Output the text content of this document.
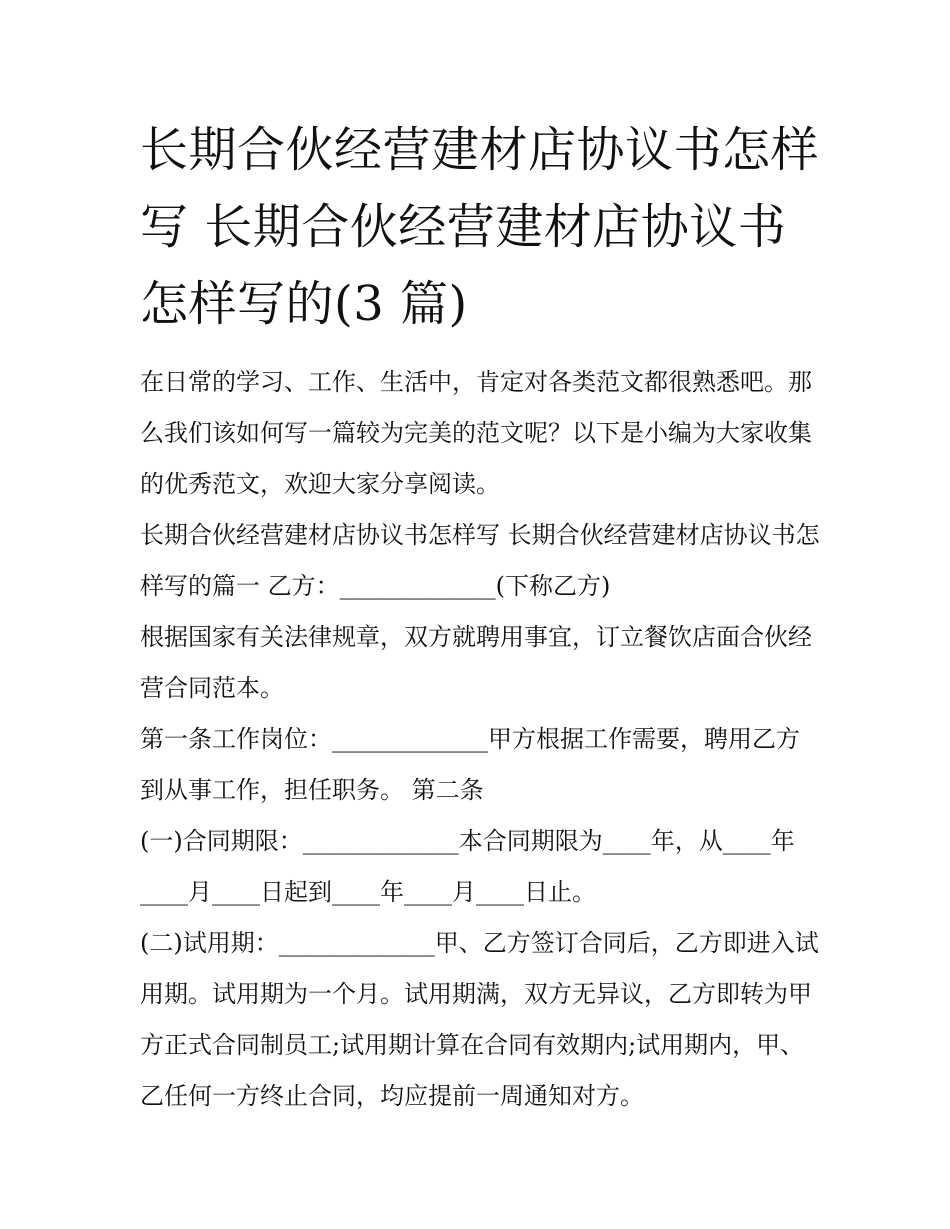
长期合伙经营建材店协议书怎样写 长期合伙经营建材店协议书怎样写的(3 篇)

在日常的学习、工作、生活中，肯定对各类范文都很熟悉吧。那么我们该如何写一篇较为完美的范文呢？以下是小编为大家收集的优秀范文，欢迎大家分享阅读。

长期合伙经营建材店协议书怎样写 长期合伙经营建材店协议书怎样写的篇一 乙方：_____________(下称乙方)

根据国家有关法律规章，双方就聘用事宜，订立餐饮店面合伙经营合同范本。

第一条工作岗位：_____________甲方根据工作需要，聘用乙方到从事工作，担任职务。 第二条

(一)合同期限：_____________本合同期限为____年，从____年____月____日起到____年____月____日止。

(二)试用期：_____________甲、乙方签订合同后，乙方即进入试用期。试用期为一个月。试用期满，双方无异议，乙方即转为甲方正式合同制员工;试用期计算在合同有效期内;试用期内，甲、乙任何一方终止合同，均应提前一周通知对方。
